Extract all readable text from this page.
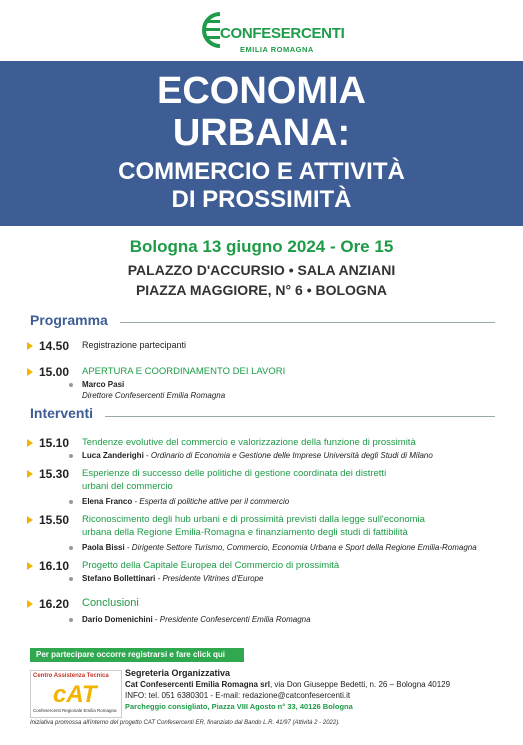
CONFESERCENTI
EMILIA ROMAGNA
ECONOMIA
URBANA:
COMMERCIO E ATTIVITÀ
DI PROSSIMITÀ
Bologna 13 giugno 2024 - Ore 15
PALAZZO D'ACCURSIO • SALA ANZIANI
PIAZZA MAGGIORE, N° 6 • BOLOGNA
Programma
14.50 Registrazione partecipanti
15.00 APERTURA E COORDINAMENTO DEI LAVORI
Marco Pasi
Direttore Confesercenti Emilia Romagna
Interventi
15.10 Tendenze evolutive del commercio e valorizzazione della funzione di prossimità
Luca Zanderighi - Ordinario di Economia e Gestione delle Imprese Università degli Studi di Milano
15.30 Esperienze di successo delle politiche di gestione coordinata dei distretti
urbani del commercio
Elena Franco - Esperta di politiche attive per il commercio
15.50 Riconoscimento degli hub urbani e di prossimità previsti dalla legge sull'economia
urbana della Regione Emilia-Romagna e finanziamento degli studi di fattibilità
Paola Bissi - Dirigente Settore Turismo, Commercio, Economia Urbana e Sport della Regione Emilia-Romagna
16.10 Progetto della Capitale Europea del Commercio di prossimità
Stefano Bollettinari - Presidente Vitrines d'Europe
16.20 Conclusioni
Dario Domenichini - Presidente Confesercenti Emilia Romagna
Per partecipare occorre registrarsi e fare click qui
Centro Assistenza Tecnica
cAT
Confesercenti Regionale Emilia Romagna
Segreteria Organizzativa
Cat Confesercenti Emilia Romagna srl, via Don Giuseppe Bedetti, n. 26 – Bologna 40129
INFO: tel. 051 6380301 - E-mail: redazione@catconfesercenti.it
Parcheggio consigliato, Piazza VIII Agosto n° 33, 40126 Bologna
Iniziativa promossa all'interno del progetto CAT Confesercenti ER, finanziato dal Bando L.R. 41/97 (Attività 2 - 2022).
